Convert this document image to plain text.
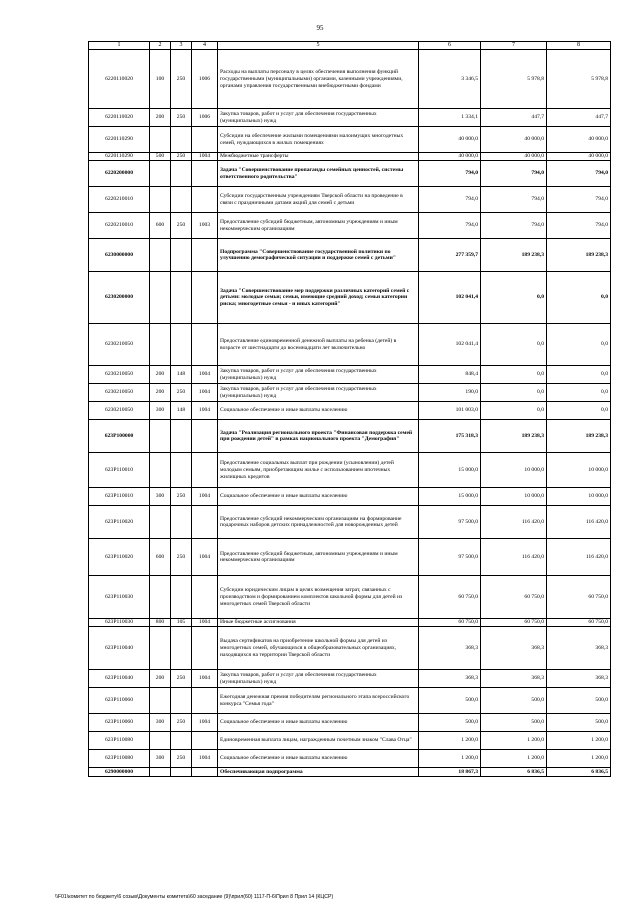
95
1	2	3	4	5	6	7	8
6220110020	100	250	1006	Расходы на выплаты персоналу в целях обеспечения выполнения функций государственными (муниципальными) органами, казенными учреждениями, органами управления государственными внебюджетными фондами	3 346,5	5 978,8	5 978,8
6220110020	200	250	1006	Закупка товаров, работ и услуг для обеспечения государственных (муниципальных) нужд	1 334,1	447,7	447,7
6220110290				Субсидии на обеспечение жилыми помещениями малоимущих многодетных семей, нуждающихся в жилых помещениях	40 000,0	40 000,0	40 000,0
6220110290	500	250	1004	Межбюджетные трансферты	40 000,0	40 000,0	40 000,0
6220200000				Задача "Совершенствование пропаганды семейных ценностей, системы ответственного родительства"	794,0	794,0	794,0
6220210010				Субсидии государственным учреждениям Тверской области на проведение в связи с праздничными датами акций для семей с детьми	794,0	794,0	794,0
6220210010	600	250	1003	Предоставление субсидий бюджетным, автономным учреждениям и иным некоммерческим организациям	794,0	794,0	794,0
6230000000				Подпрограмма "Совершенствование государственной политики по улучшению демографической ситуации и поддержке семей с детьми"	277 359,7	189 238,3	189 238,3
6230200000				Задача "Совершенствование мер поддержки различных категорий семей с детьми: молодые семьи; семьи, имеющие средний доход; семьи категории риска; многодетные семьи - и иных категорий"	102 041,4	0,0	0,0
6230210050				Предоставление единовременной денежной выплаты на ребенка (детей) в возрасте от шестнадцати до восемнадцати лет включительно	102 041,4	0,0	0,0
6230210050	200	148	1004	Закупка товаров, работ и услуг для обеспечения государственных (муниципальных) нужд	848,4	0,0	0,0
6230210050	200	250	1004	Закупка товаров, работ и услуг для обеспечения государственных (муниципальных) нужд	190,0	0,0	0,0
6230210050	300	148	1004	Социальное обеспечение и иные выплаты населению	101 003,0	0,0	0,0
623P100000				Задача "Реализация регионального проекта "Финансовая поддержка семей при рождении детей" в рамках национального проекта "Демография"	175 318,3	189 238,3	189 238,3
623P110010				Предоставление социальных выплат при рождении (усыновлении) детей молодым семьям, приобретающим жилье с использованием ипотечных жилищных кредитов	15 000,0	10 000,0	10 000,0
623P110010	300	250	1004	Социальное обеспечение и иные выплаты населению	15 000,0	10 000,0	10 000,0
623P110020				Предоставление субсидий некоммерческим организациям на формирование подарочных наборов детских принадлежностей для новорожденных детей	97 500,0	116 420,0	116 420,0
623P110020	600	250	1004	Предоставление субсидий бюджетным, автономным учреждениям и иным некоммерческим организациям	97 500,0	116 420,0	116 420,0
623P110030				Субсидии юридическим лицам в целях возмещения затрат, связанных с производством и формированием комплектов школьной формы для детей из многодетных семей Тверской области	60 750,0	60 750,0	60 750,0
623P110030	800	105	1004	Иные бюджетные ассигнования	60 750,0	60 750,0	60 750,0
623P110040				Выдача сертификатов на приобретение школьной формы для детей из многодетных семей, обучающихся в общеобразовательных организациях, находящихся на территории Тверской области	368,3	368,3	368,3
623P110040	200	250	1004	Закупка товаров, работ и услуг для обеспечения государственных (муниципальных) нужд	368,3	368,3	368,3
623P110060				Ежегодная денежная премия победителям регионального этапа всероссийского конкурса "Семья года"	500,0	500,0	500,0
623P110060	300	250	1004	Социальное обеспечение и иные выплаты населению	500,0	500,0	500,0
623P110080				Единовременная выплата лицам, награжденным почетным знаком "Слава Отца"	1 200,0	1 200,0	1 200,0
623P110080	300	250	1004	Социальное обеспечение и иные выплаты населению	1 200,0	1 200,0	1 200,0
6290000000				Обеспечивающая подпрограмма	18 867,3	6 836,5	6 836,5
\\F01\комитет по бюджету\6 созыв\Документы комитета\60 заседание (9)\прил(60) 1117-П-6\Прил 8 Прил 14 (КЦСР)
